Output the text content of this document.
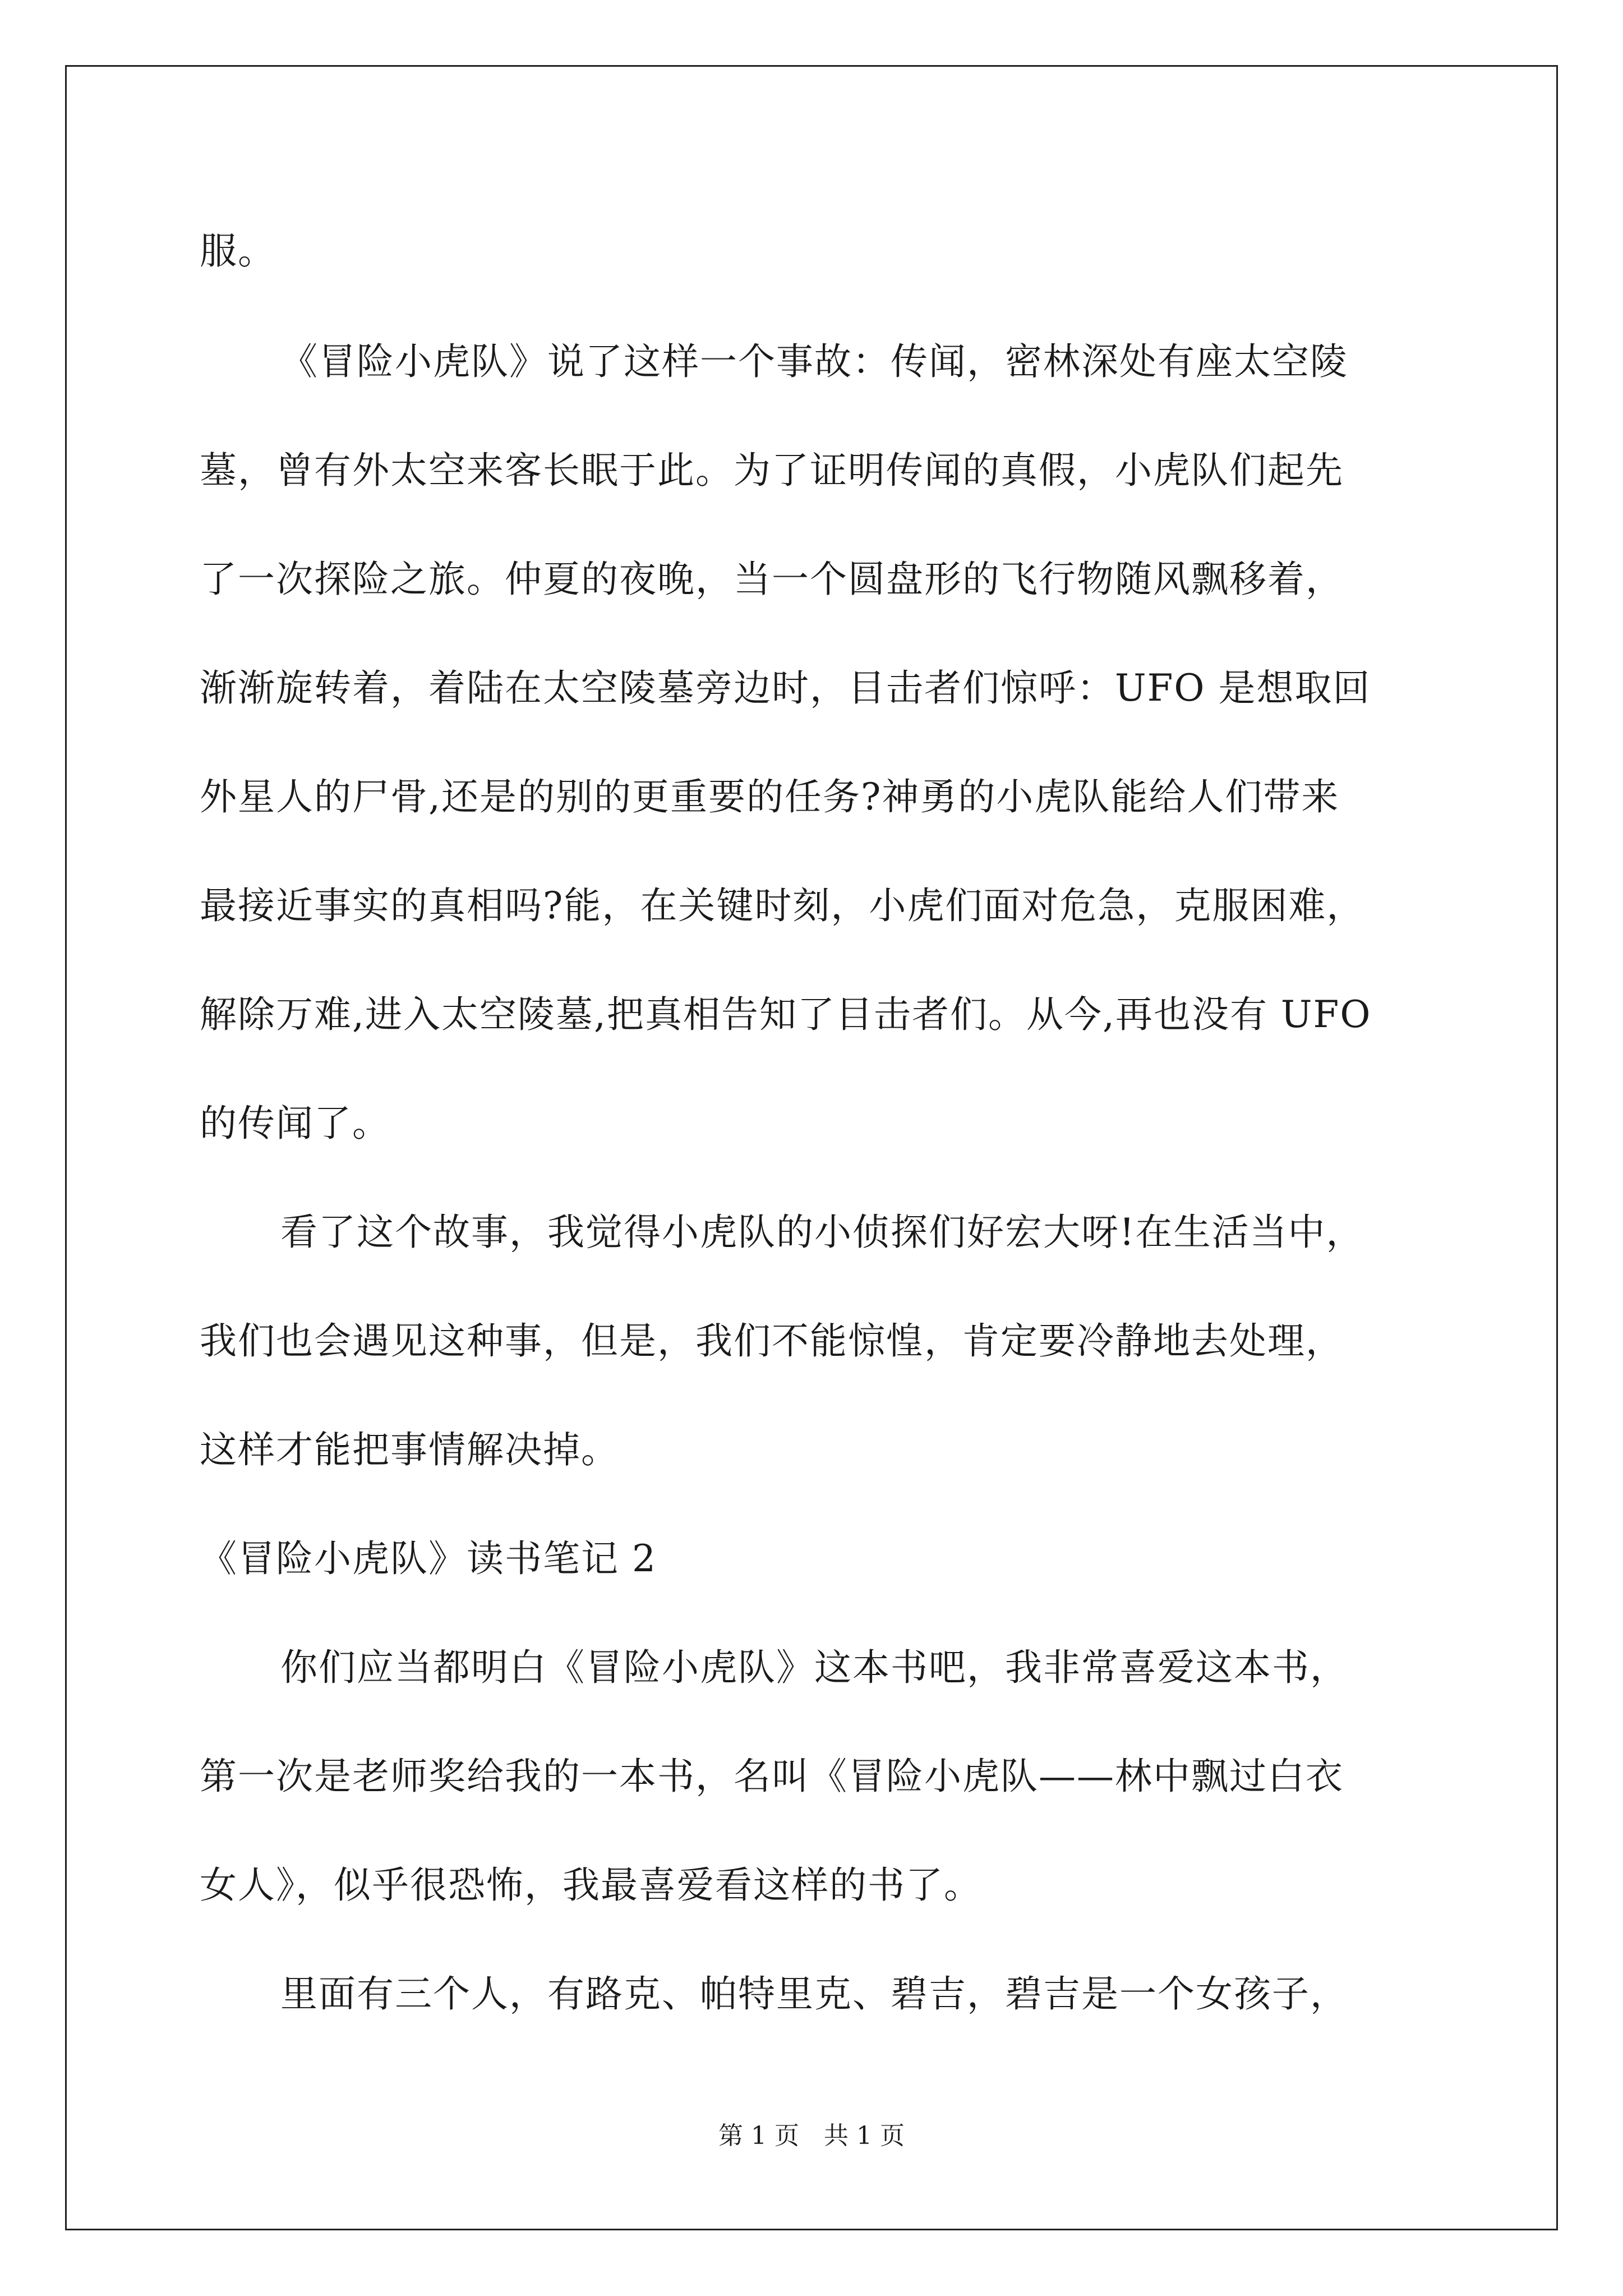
服。
《冒险小虎队》说了这样一个事故：传闻，密林深处有座太空陵
墓，曾有外太空来客长眠于此。为了证明传闻的真假，小虎队们起先
了一次探险之旅。仲夏的夜晚，当一个圆盘形的飞行物随风飘移着，
渐渐旋转着，着陆在太空陵墓旁边时，目击者们惊呼：UFO 是想取回
外星人的尸骨,还是的别的更重要的任务?神勇的小虎队能给人们带来
最接近事实的真相吗?能，在关键时刻，小虎们面对危急，克服困难，
解除万难,进入太空陵墓,把真相告知了目击者们。从今,再也没有 UFO
的传闻了。
看了这个故事，我觉得小虎队的小侦探们好宏大呀!在生活当中，
我们也会遇见这种事，但是，我们不能惊惶，肯定要冷静地去处理，
这样才能把事情解决掉。
《冒险小虎队》读书笔记 2
你们应当都明白《冒险小虎队》这本书吧，我非常喜爱这本书，
第一次是老师奖给我的一本书，名叫《冒险小虎队——林中飘过白衣
女人》，似乎很恐怖，我最喜爱看这样的书了。
里面有三个人，有路克、帕特里克、碧吉，碧吉是一个女孩子，
第 1 页　共 1 页
